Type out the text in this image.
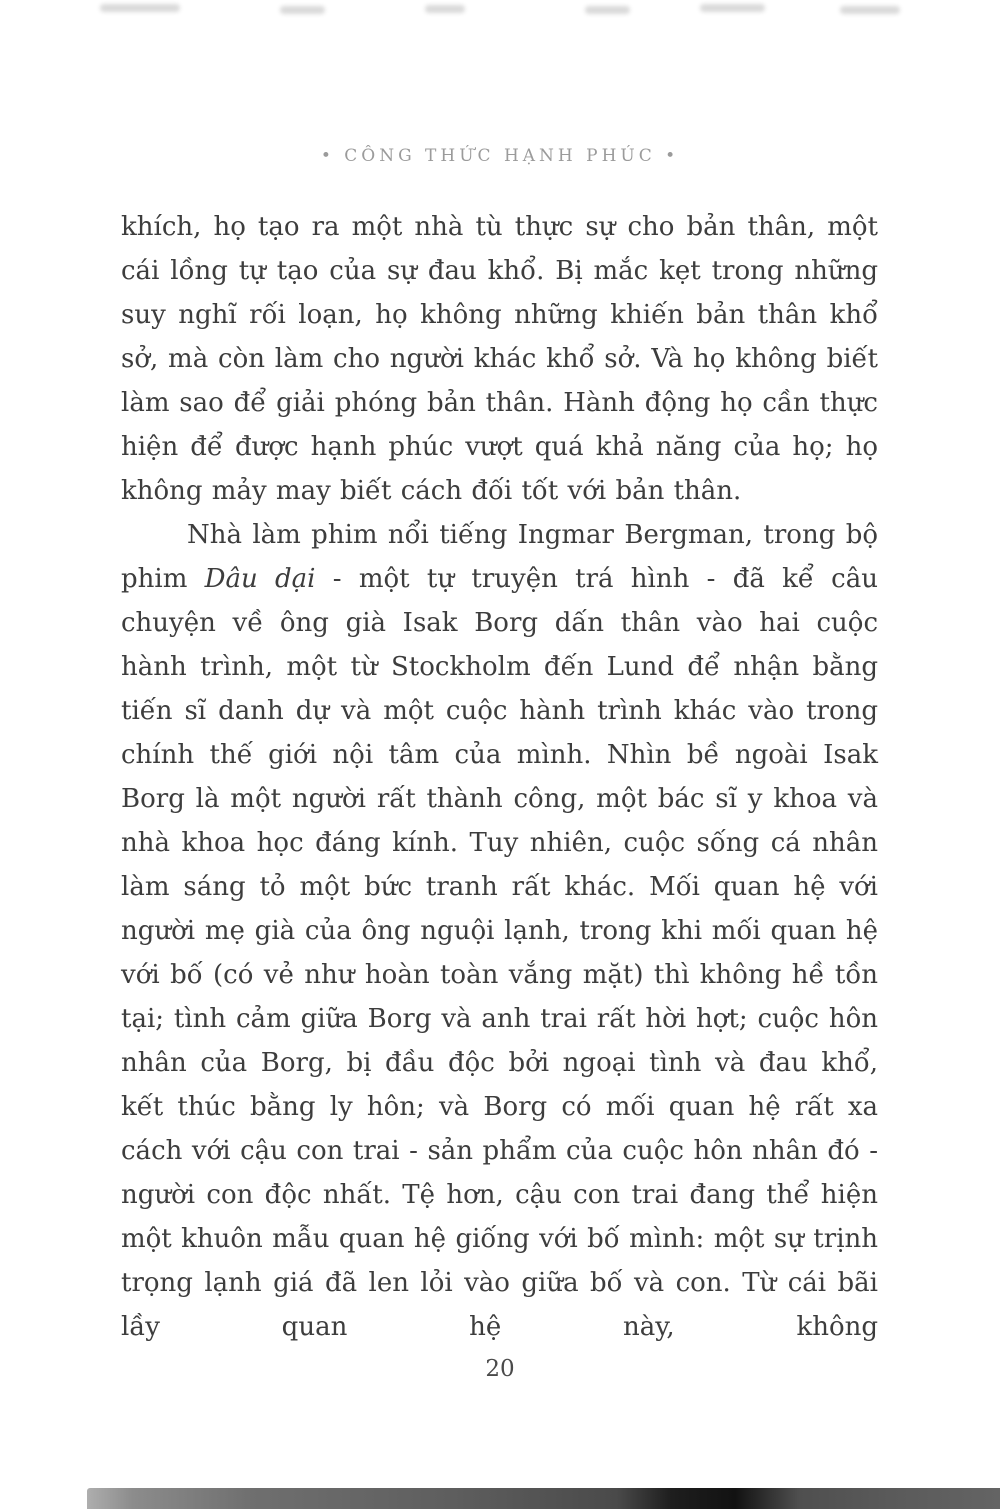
• CÔNG THỨC HẠNH PHÚC •

khích, họ tạo ra một nhà tù thực sự cho bản thân, một cái lồng tự tạo của sự đau khổ. Bị mắc kẹt trong những suy nghĩ rối loạn, họ không những khiến bản thân khổ sở, mà còn làm cho người khác khổ sở. Và họ không biết làm sao để giải phóng bản thân. Hành động họ cần thực hiện để được hạnh phúc vượt quá khả năng của họ; họ không mảy may biết cách đối tốt với bản thân.

Nhà làm phim nổi tiếng Ingmar Bergman, trong bộ phim Dâu dại - một tự truyện trá hình - đã kể câu chuyện về ông già Isak Borg dấn thân vào hai cuộc hành trình, một từ Stockholm đến Lund để nhận bằng tiến sĩ danh dự và một cuộc hành trình khác vào trong chính thế giới nội tâm của mình. Nhìn bề ngoài Isak Borg là một người rất thành công, một bác sĩ y khoa và nhà khoa học đáng kính. Tuy nhiên, cuộc sống cá nhân làm sáng tỏ một bức tranh rất khác. Mối quan hệ với người mẹ già của ông nguội lạnh, trong khi mối quan hệ với bố (có vẻ như hoàn toàn vắng mặt) thì không hề tồn tại; tình cảm giữa Borg và anh trai rất hời hợt; cuộc hôn nhân của Borg, bị đầu độc bởi ngoại tình và đau khổ, kết thúc bằng ly hôn; và Borg có mối quan hệ rất xa cách với cậu con trai - sản phẩm của cuộc hôn nhân đó - người con độc nhất. Tệ hơn, cậu con trai đang thể hiện một khuôn mẫu quan hệ giống với bố mình: một sự trịnh trọng lạnh giá đã len lỏi vào giữa bố và con. Từ cái bãi lầy quan hệ này, không

20
